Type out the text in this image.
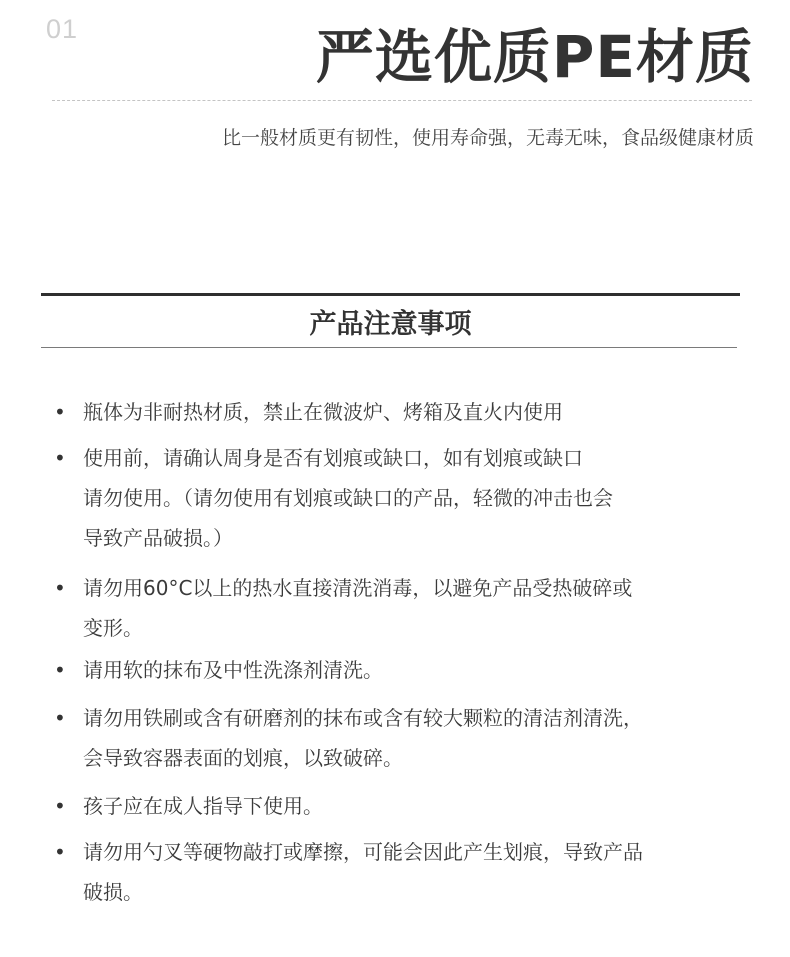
01	严选优质PE材质
比一般材质更有韧性，使用寿命强，无毒无味，食品级健康材质
产品注意事项
•
瓶体为非耐热材质，禁止在微波炉、烤箱及直火内使用
•
使用前，请确认周身是否有划痕或缺口，如有划痕或缺口
请勿使用。（请勿使用有划痕或缺口的产品，轻微的冲击也会
导致产品破损。）
•
请勿用60°C以上的热水直接清洗消毒，以避免产品受热破碎或
变形。
•
请用软的抹布及中性洗涤剂清洗。
•
请勿用铁刷或含有研磨剂的抹布或含有较大颗粒的清洁剂清洗，
会导致容器表面的划痕，以致破碎。
•
孩子应在成人指导下使用。
•
请勿用勺叉等硬物敲打或摩擦，可能会因此产生划痕，导致产品
破损。
